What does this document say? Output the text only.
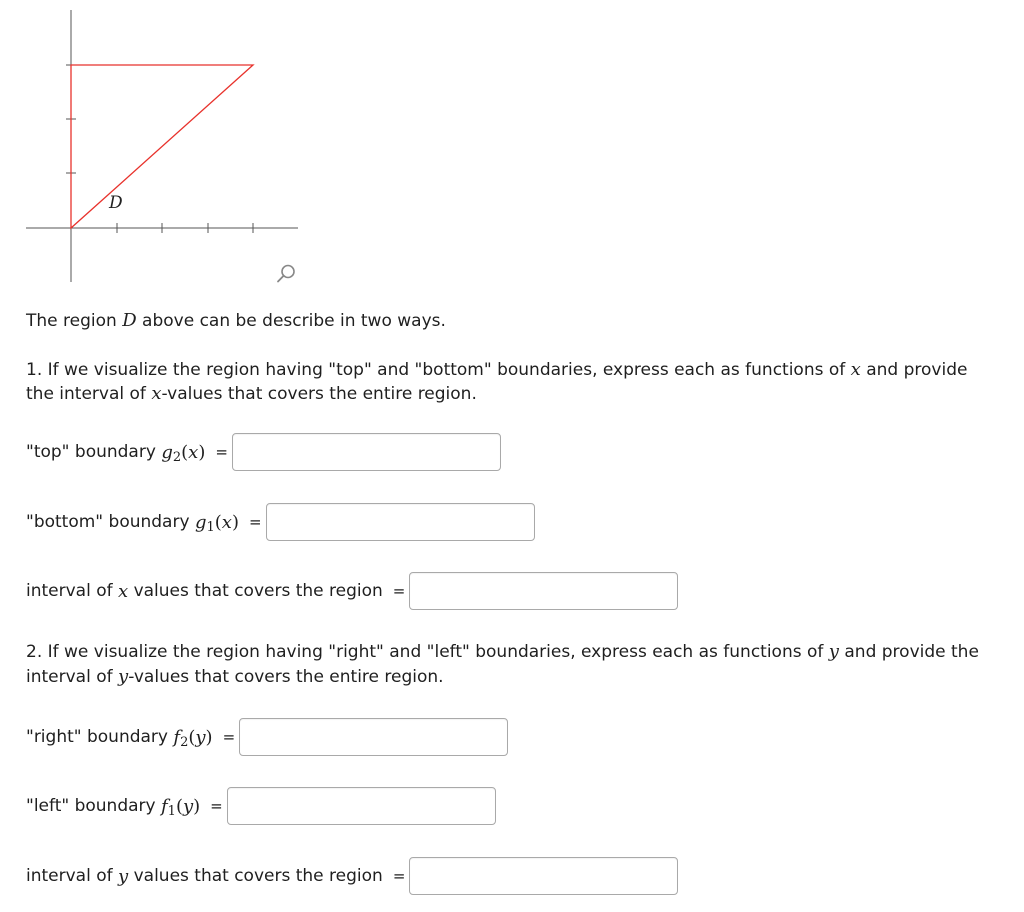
D
The region D above can be describe in two ways.
1. If we visualize the region having "top" and "bottom" boundaries, express each as functions of x and provide
the interval of x-values that covers the entire region.
"top" boundary $g_2(x)$ =
"bottom" boundary $g_1(x)$ =
interval of x values that covers the region =
2. If we visualize the region having "right" and "left" boundaries, express each as functions of y and provide the
interval of y-values that covers the entire region.
"right" boundary $f_2(y)$ =
"left" boundary $f_1(y)$ =
interval of y values that covers the region =
